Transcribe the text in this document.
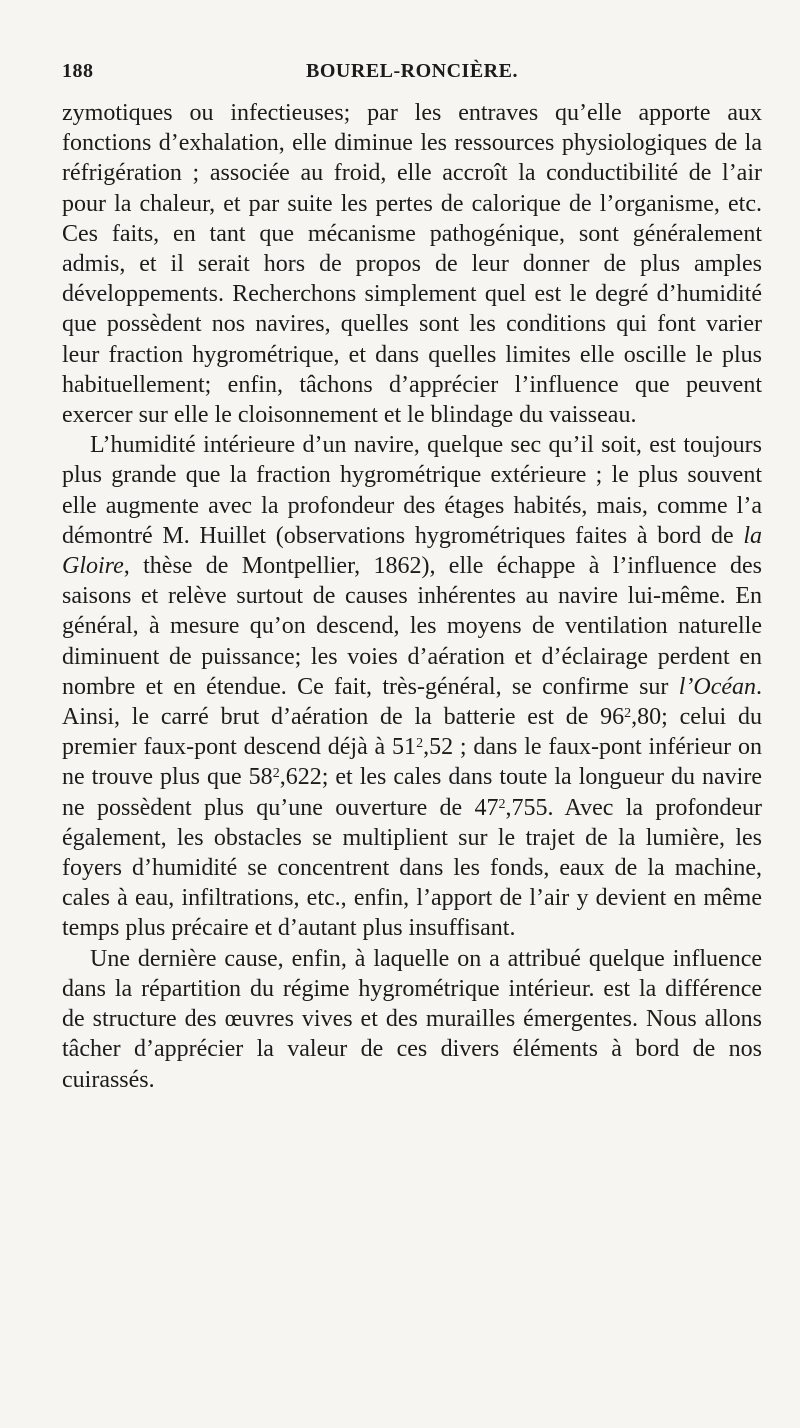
188	BOUREL-RONCIÈRE.

zymotiques ou infectieuses; par les entraves qu’elle apporte aux fonctions d’exhalation, elle diminue les ressources physiologiques de la réfrigération ; associée au froid, elle accroît la conductibilité de l’air pour la chaleur, et par suite les pertes de calorique de l’organisme, etc. Ces faits, en tant que mécanisme pathogénique, sont généralement admis, et il serait hors de propos de leur donner de plus amples développements. Recherchons simplement quel est le degré d’humidité que possèdent nos navires, quelles sont les conditions qui font varier leur fraction hygrométrique, et dans quelles limites elle oscille le plus habituellement; enfin, tâchons d’apprécier l’influence que peuvent exercer sur elle le cloisonnement et le blindage du vaisseau.

L’humidité intérieure d’un navire, quelque sec qu’il soit, est toujours plus grande que la fraction hygrométrique extérieure ; le plus souvent elle augmente avec la profondeur des étages habités, mais, comme l’a démontré M. Huillet (observations hygrométriques faites à bord de la Gloire, thèse de Montpellier, 1862), elle échappe à l’influence des saisons et relève surtout de causes inhérentes au navire lui-même. En général, à mesure qu’on descend, les moyens de ventilation naturelle diminuent de puissance; les voies d’aération et d’éclairage perdent en nombre et en étendue. Ce fait, très-général, se confirme sur l’Océan. Ainsi, le carré brut d’aération de la batterie est de $96^2,80$; celui du premier faux-pont descend déjà à $51^2,52$ ; dans le faux-pont inférieur on ne trouve plus que $58^2,622$; et les cales dans toute la longueur du navire ne possèdent plus qu’une ouverture de $47^2,755$. Avec la profondeur également, les obstacles se multiplient sur le trajet de la lumière, les foyers d’humidité se concentrent dans les fonds, eaux de la machine, cales à eau, infiltrations, etc., enfin, l’apport de l’air y devient en même temps plus précaire et d’autant plus insuffisant.

Une dernière cause, enfin, à laquelle on a attribué quelque influence dans la répartition du régime hygrométrique intérieur. est la différence de structure des œuvres vives et des murailles émergentes. Nous allons tâcher d’apprécier la valeur de ces divers éléments à bord de nos cuirassés.
